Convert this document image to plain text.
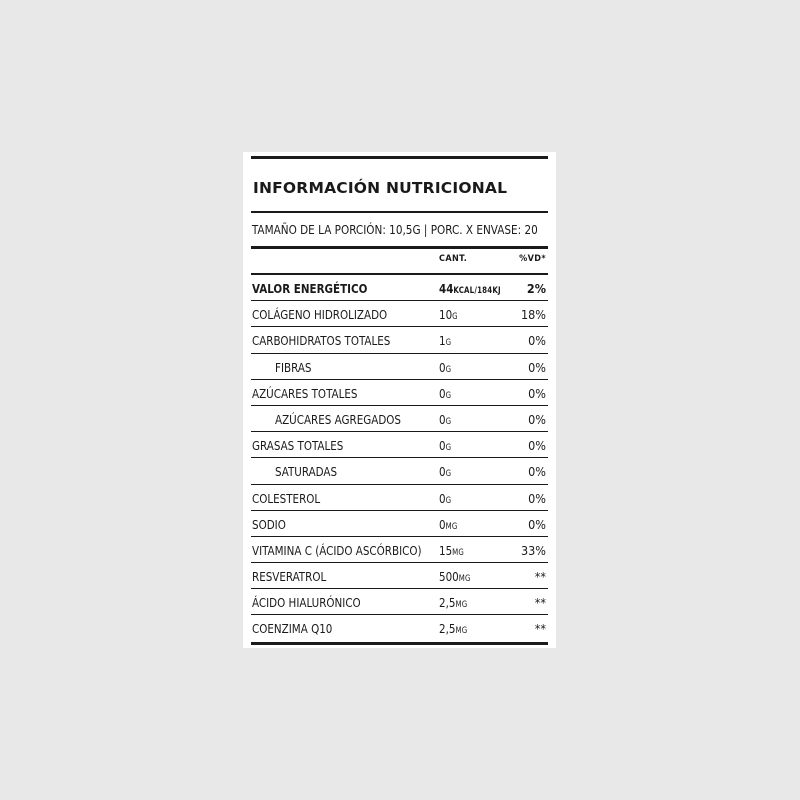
INFORMACIÓN NUTRICIONAL
TAMAÑO DE LA PORCIÓN: 10,5G | PORC. X ENVASE: 20
CANT.	%VD*
VALOR ENERGÉTICO	44KCAL/184KJ 2%
COLÁGENO HIDROLIZADO	10G	18%
CARBOHIDRATOS TOTALES	1G	0%
FIBRAS	0G	0%
AZÚCARES TOTALES	0G	0%
AZÚCARES AGREGADOS	0G	0%
GRASAS TOTALES	0G	0%
SATURADAS	0G	0%
COLESTEROL	0G	0%
SODIO	0MG	0%
VITAMINA C (ÁCIDO ASCÓRBICO) 15MG	33%
RESVERATROL	500MG	**
ÁCIDO HIALURÓNICO	2,5MG	**
COENZIMA Q10	2,5MG	**
